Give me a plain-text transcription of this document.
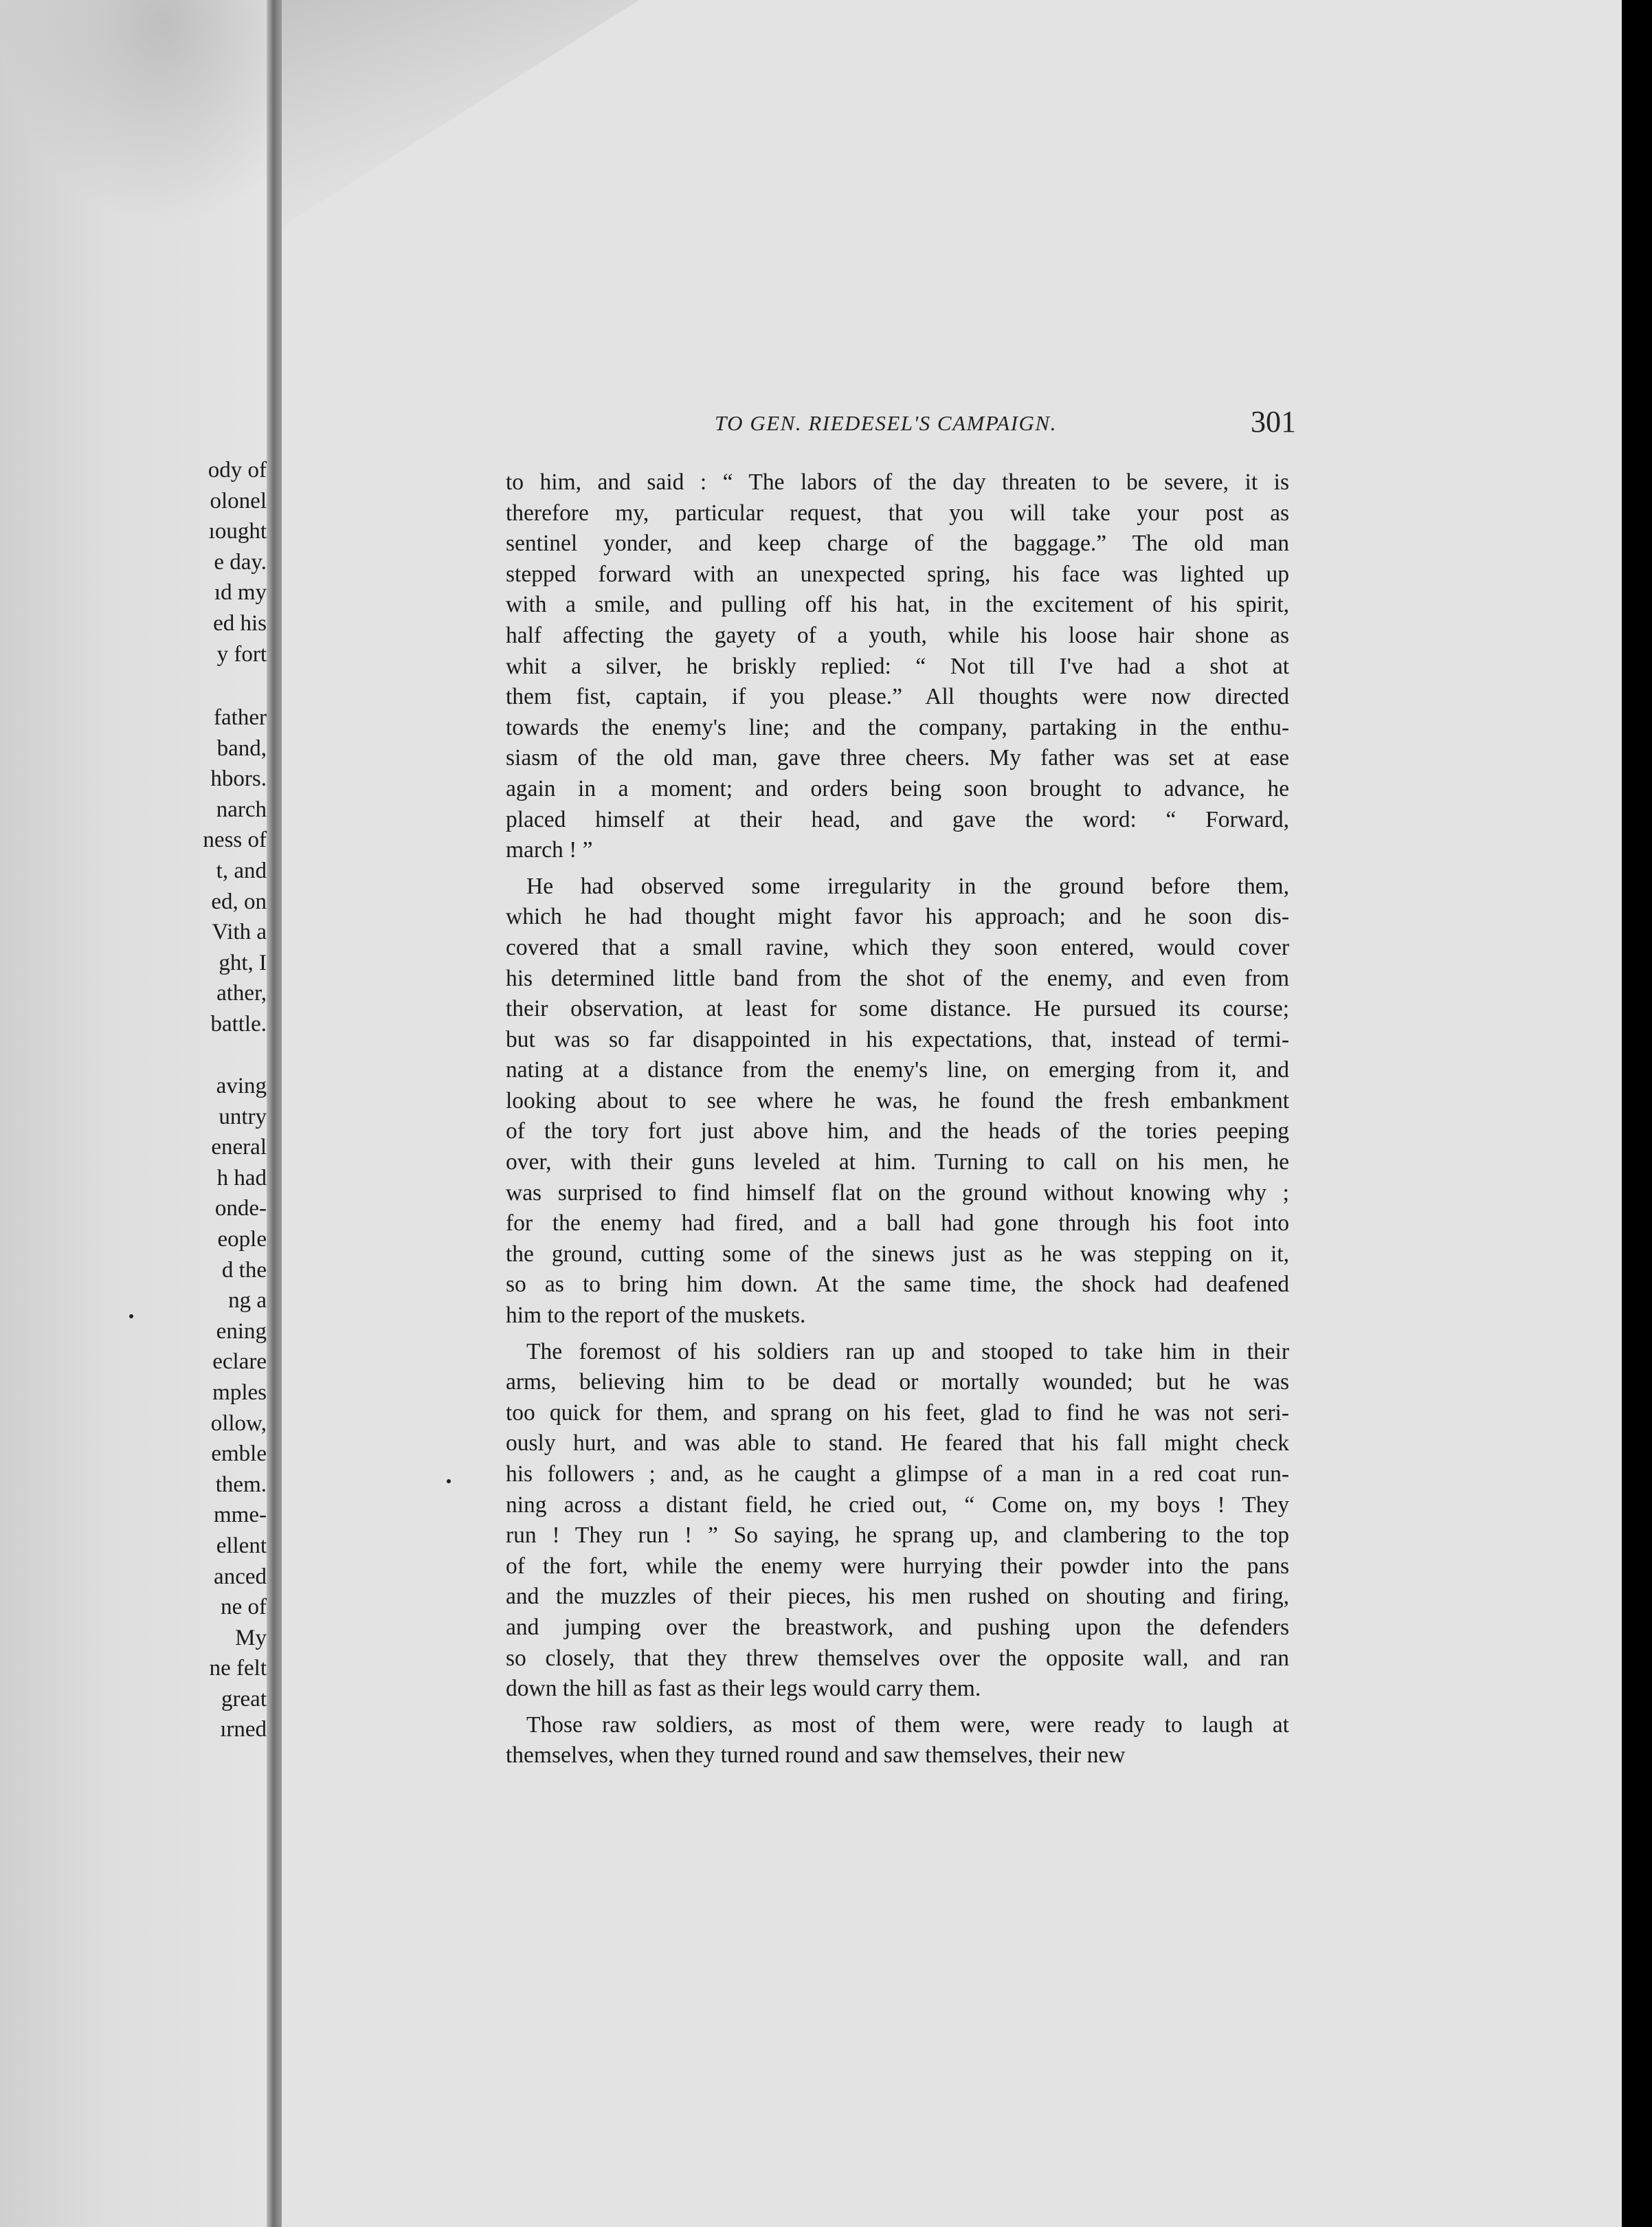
ody of
olonel
ıought
e day.
ıd my
ed his
y fort
father
band,
hbors.
narch
ness of
t, and
ed, on
Vith a
ght, I
ather,
battle.
aving
untry
eneral
h had
onde-
eople
d the
ng a
ening
eclare
mples
ollow,
emble
them.
mme-
ellent
anced
ne of
My
ne felt
great
ırned
TO GEN. RIEDESEL'S CAMPAIGN.	301
to him, and said : “ The labors of the day threaten to be severe, it is
therefore my, particular request, that you will take your post as
sentinel yonder, and keep charge of the baggage.” The old man
stepped forward with an unexpected spring, his face was lighted up
with a smile, and pulling off his hat, in the excitement of his spirit,
half affecting the gayety of a youth, while his loose hair shone as
whit a silver, he briskly replied: “ Not till I've had a shot at
them fist, captain, if you please.” All thoughts were now directed
towards the enemy's line; and the company, partaking in the enthu-
siasm of the old man, gave three cheers. My father was set at ease
again in a moment; and orders being soon brought to advance, he
placed himself at their head, and gave the word: “ Forward,
march ! ”
He had observed some irregularity in the ground before them,
which he had thought might favor his approach; and he soon dis-
covered that a small ravine, which they soon entered, would cover
his determined little band from the shot of the enemy, and even from
their observation, at least for some distance. He pursued its course;
but was so far disappointed in his expectations, that, instead of termi-
nating at a distance from the enemy's line, on emerging from it, and
looking about to see where he was, he found the fresh embankment
of the tory fort just above him, and the heads of the tories peeping
over, with their guns leveled at him. Turning to call on his men, he
was surprised to find himself flat on the ground without knowing why ;
for the enemy had fired, and a ball had gone through his foot into
the ground, cutting some of the sinews just as he was stepping on it,
so as to bring him down. At the same time, the shock had deafened
him to the report of the muskets.
The foremost of his soldiers ran up and stooped to take him in their
arms, believing him to be dead or mortally wounded; but he was
too quick for them, and sprang on his feet, glad to find he was not seri-
ously hurt, and was able to stand. He feared that his fall might check
his followers ; and, as he caught a glimpse of a man in a red coat run-
ning across a distant field, he cried out, “ Come on, my boys ! They
run ! They run ! ” So saying, he sprang up, and clambering to the top
of the fort, while the enemy were hurrying their powder into the pans
and the muzzles of their pieces, his men rushed on shouting and firing,
and jumping over the breastwork, and pushing upon the defenders
so closely, that they threw themselves over the opposite wall, and ran
down the hill as fast as their legs would carry them.
Those raw soldiers, as most of them were, were ready to laugh at
themselves, when they turned round and saw themselves, their new
